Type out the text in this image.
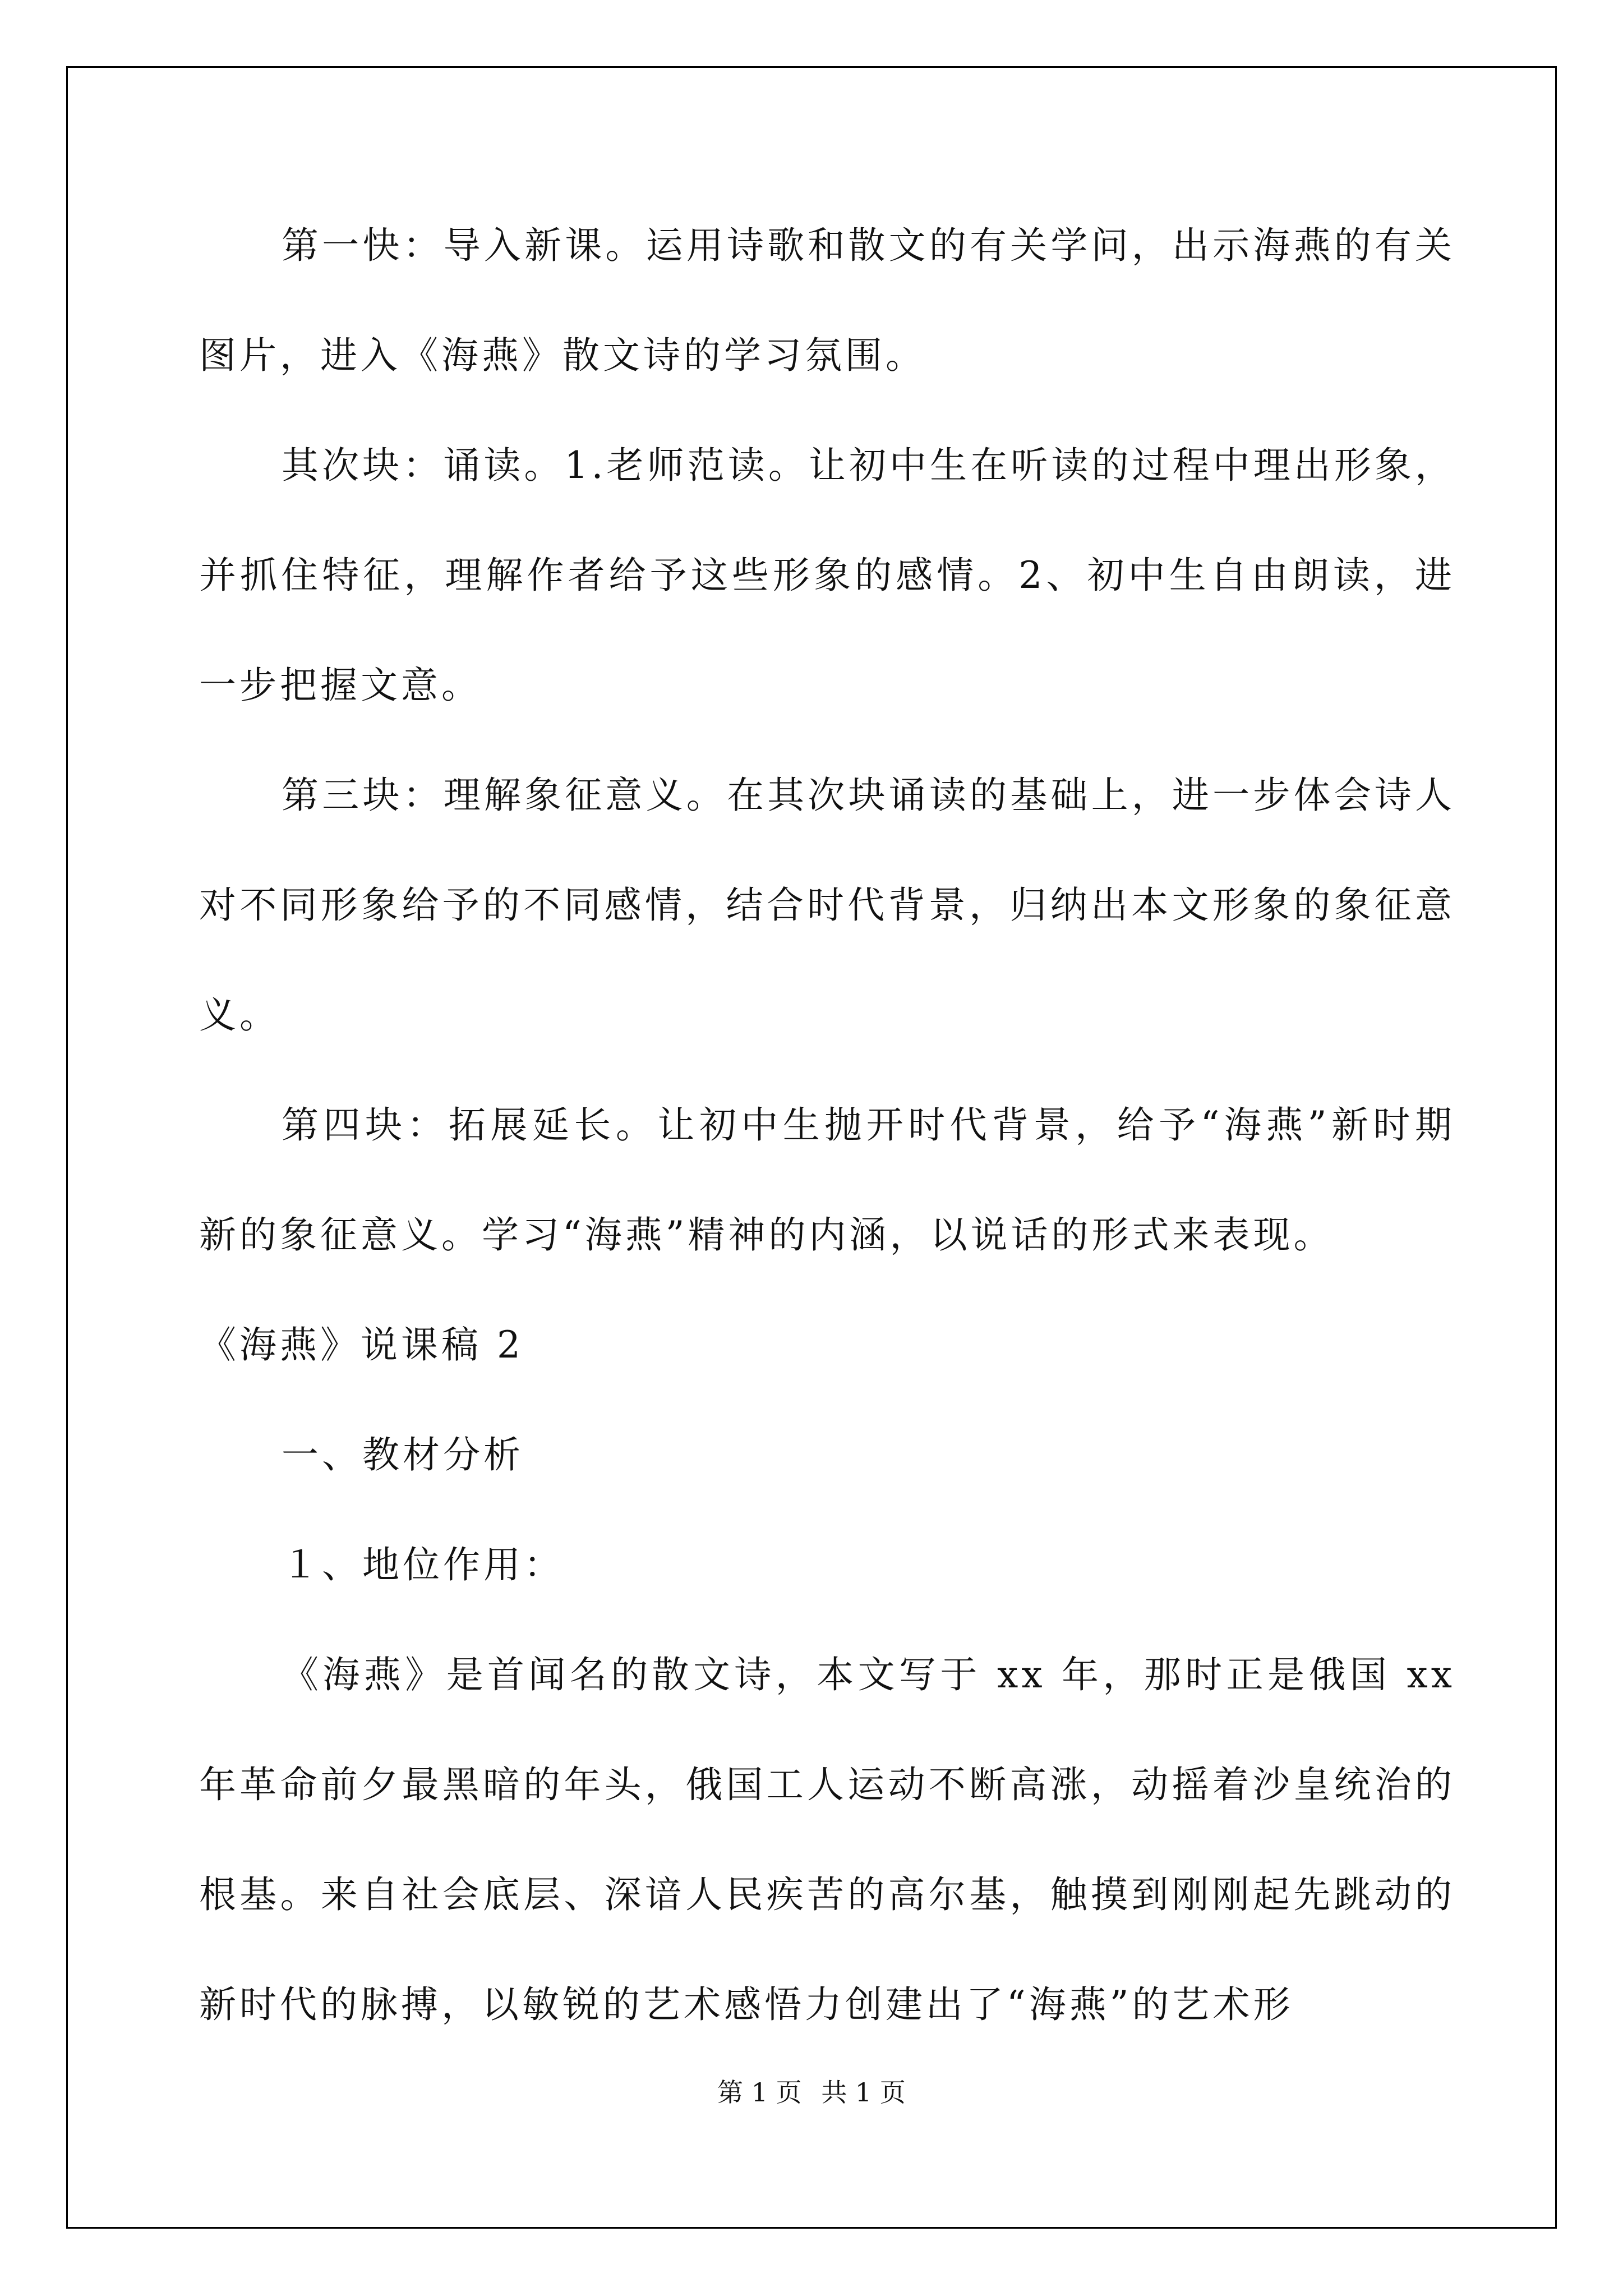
第一快：导入新课。运用诗歌和散文的有关学问，出示海燕的有关图片，进入《海燕》散文诗的学习氛围。

其次块：诵读。1.老师范读。让初中生在听读的过程中理出形象，并抓住特征，理解作者给予这些形象的感情。2、初中生自由朗读，进一步把握文意。

第三块：理解象征意义。在其次块诵读的基础上，进一步体会诗人对不同形象给予的不同感情，结合时代背景，归纳出本文形象的象征意义。

第四块：拓展延长。让初中生抛开时代背景，给予“海燕”新时期新的象征意义。学习“海燕”精神的内涵，以说话的形式来表现。

《海燕》说课稿 2

一、教材分析

１、地位作用：

《海燕》是首闻名的散文诗，本文写于 xx 年，那时正是俄国 xx 年革命前夕最黑暗的年头，俄国工人运动不断高涨，动摇着沙皇统治的根基。来自社会底层、深谙人民疾苦的高尔基，触摸到刚刚起先跳动的新时代的脉搏，以敏锐的艺术感悟力创建出了“海燕”的艺术形

第 1 页 共 1 页
